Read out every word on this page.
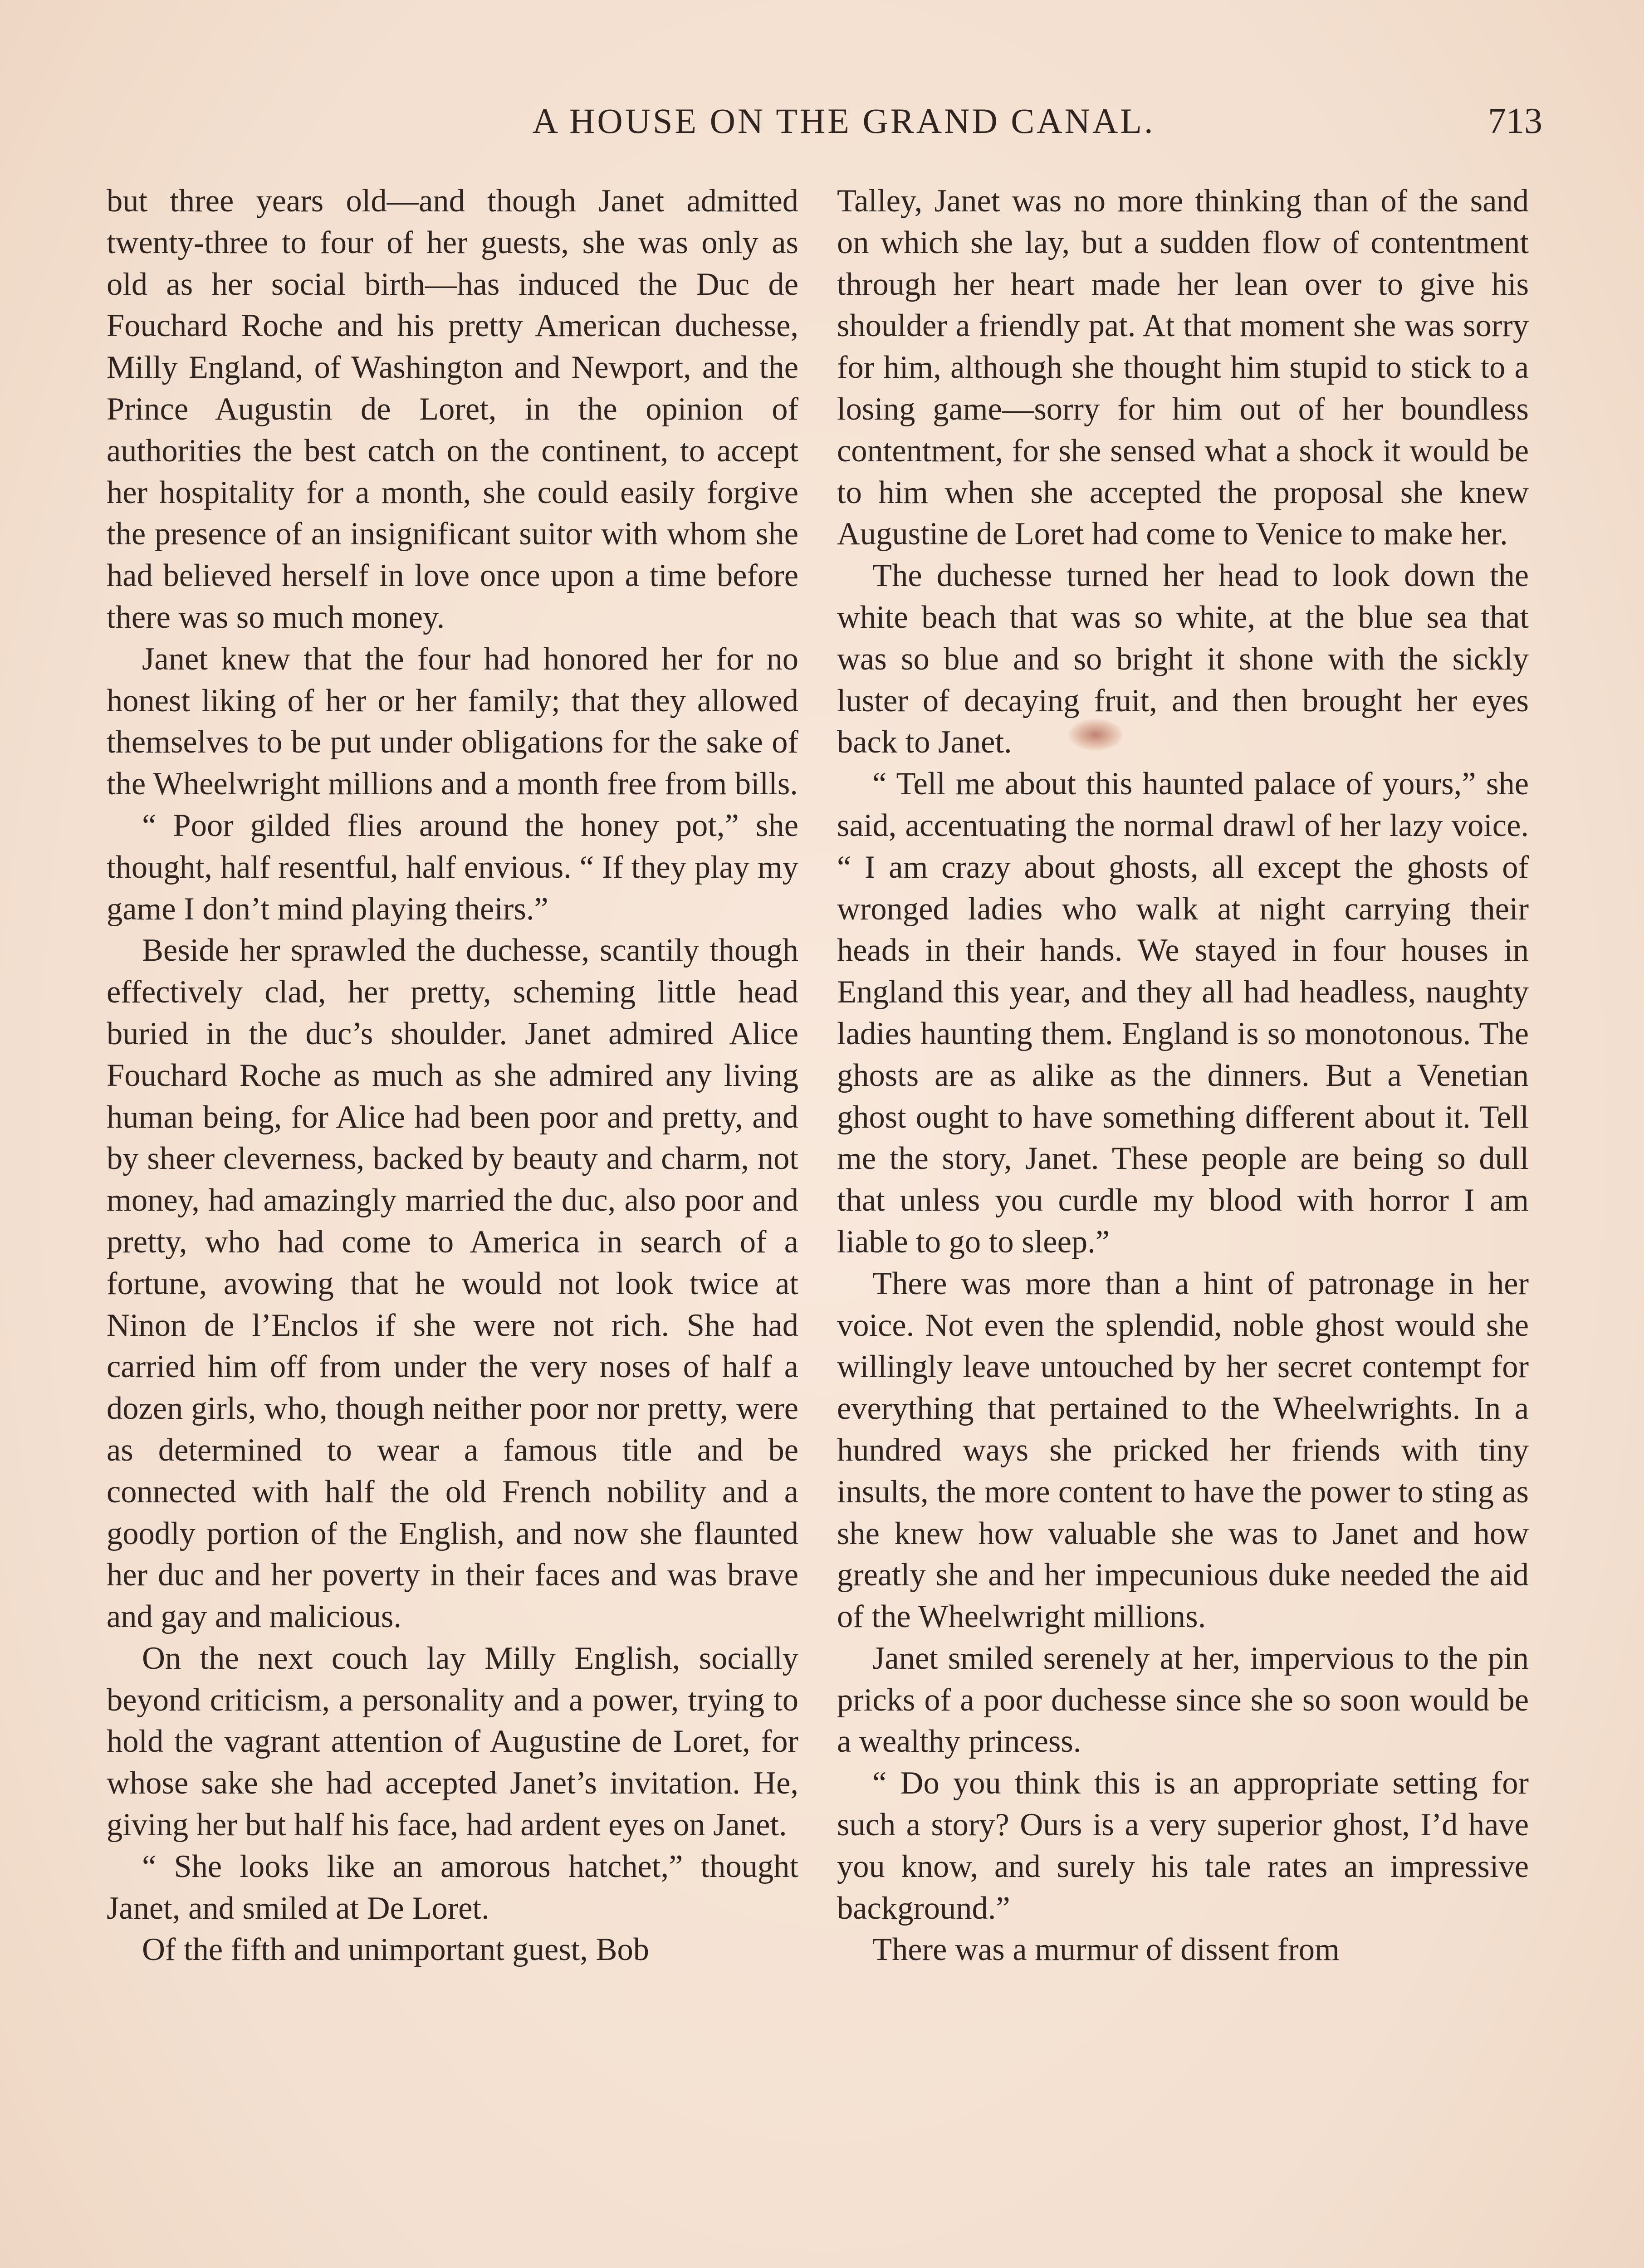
A HOUSE ON THE GRAND CANAL.	713

but three years old—and though Janet admitted twenty-three to four of her guests, she was only as old as her social birth—has induced the Duc de Fouchard Roche and his pretty American duchesse, Milly England, of Washington and Newport, and the Prince Augustin de Loret, in the opinion of authorities the best catch on the continent, to accept her hospitality for a month, she could easily forgive the presence of an insignificant suitor with whom she had believed herself in love once upon a time before there was so much money.

Janet knew that the four had honored her for no honest liking of her or her family; that they allowed themselves to be put under obligations for the sake of the Wheelwright millions and a month free from bills.

“ Poor gilded flies around the honey pot,” she thought, half resentful, half envious. “ If they play my game I don’t mind playing theirs.”

Beside her sprawled the duchesse, scantily though effectively clad, her pretty, scheming little head buried in the duc’s shoulder. Janet admired Alice Fouchard Roche as much as she admired any living human being, for Alice had been poor and pretty, and by sheer cleverness, backed by beauty and charm, not money, had amazingly married the duc, also poor and pretty, who had come to America in search of a fortune, avowing that he would not look twice at Ninon de l’Enclos if she were not rich. She had carried him off from under the very noses of half a dozen girls, who, though neither poor nor pretty, were as determined to wear a famous title and be connected with half the old French nobility and a goodly portion of the English, and now she flaunted her duc and her poverty in their faces and was brave and gay and malicious.

On the next couch lay Milly English, socially beyond criticism, a personality and a power, trying to hold the vagrant attention of Augustine de Loret, for whose sake she had accepted Janet’s invitation. He, giving her but half his face, had ardent eyes on Janet.

“ She looks like an amorous hatchet,” thought Janet, and smiled at De Loret.

Of the fifth and unimportant guest, Bob

Talley, Janet was no more thinking than of the sand on which she lay, but a sudden flow of contentment through her heart made her lean over to give his shoulder a friendly pat. At that moment she was sorry for him, although she thought him stupid to stick to a losing game—sorry for him out of her boundless contentment, for she sensed what a shock it would be to him when she accepted the proposal she knew Augustine de Loret had come to Venice to make her.

The duchesse turned her head to look down the white beach that was so white, at the blue sea that was so blue and so bright it shone with the sickly luster of decaying fruit, and then brought her eyes back to Janet.

“ Tell me about this haunted palace of yours,” she said, accentuating the normal drawl of her lazy voice. “ I am crazy about ghosts, all except the ghosts of wronged ladies who walk at night carrying their heads in their hands. We stayed in four houses in England this year, and they all had headless, naughty ladies haunting them. England is so monotonous. The ghosts are as alike as the dinners. But a Venetian ghost ought to have something different about it. Tell me the story, Janet. These people are being so dull that unless you curdle my blood with horror I am liable to go to sleep.”

There was more than a hint of patronage in her voice. Not even the splendid, noble ghost would she willingly leave untouched by her secret contempt for everything that pertained to the Wheelwrights. In a hundred ways she pricked her friends with tiny insults, the more content to have the power to sting as she knew how valuable she was to Janet and how greatly she and her impecunious duke needed the aid of the Wheelwright millions.

Janet smiled serenely at her, impervious to the pin pricks of a poor duchesse since she so soon would be a wealthy princess.

“ Do you think this is an appropriate setting for such a story? Ours is a very superior ghost, I’d have you know, and surely his tale rates an impressive background.”

There was a murmur of dissent from
